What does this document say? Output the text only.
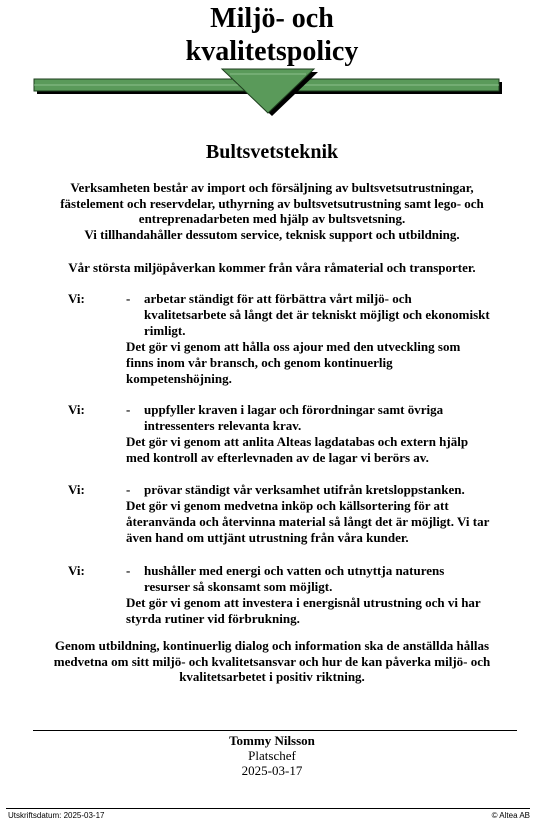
Miljö- och
kvalitetspolicy
Bultsvetsteknik
Verksamheten består av import och försäljning av bultsvetsutrustningar,
fästelement och reservdelar, uthyrning av bultsvetsutrustning samt lego- och
entreprenadarbeten med hjälp av bultsvetsning.
Vi tillhandahåller dessutom service, teknisk support och utbildning.
Vår största miljöpåverkan kommer från våra råmaterial och transporter.
Vi:	- arbetar ständigt för att förbättra vårt miljö- och
kvalitetsarbete så långt det är tekniskt möjligt och ekonomiskt
rimligt.
Det gör vi genom att hålla oss ajour med den utveckling som
finns inom vår bransch, och genom kontinuerlig
kompetenshöjning.
Vi:	- uppfyller kraven i lagar och förordningar samt övriga
intressenters relevanta krav.
Det gör vi genom att anlita Alteas lagdatabas och extern hjälp
med kontroll av efterlevnaden av de lagar vi berörs av.
Vi:	- prövar ständigt vår verksamhet utifrån kretsloppstanken.
Det gör vi genom medvetna inköp och källsortering för att
återanvända och återvinna material så långt det är möjligt. Vi tar
även hand om uttjänt utrustning från våra kunder.
Vi:	- hushåller med energi och vatten och utnyttja naturens
resurser så skonsamt som möjligt.
Det gör vi genom att investera i energisnål utrustning och vi har
styrda rutiner vid förbrukning.
Genom utbildning, kontinuerlig dialog och information ska de anställda hållas
medvetna om sitt miljö- och kvalitetsansvar och hur de kan påverka miljö- och
kvalitetsarbetet i positiv riktning.
Tommy Nilsson
Platschef
2025-03-17
Utskriftsdatum: 2025-03-17	© Altea AB
